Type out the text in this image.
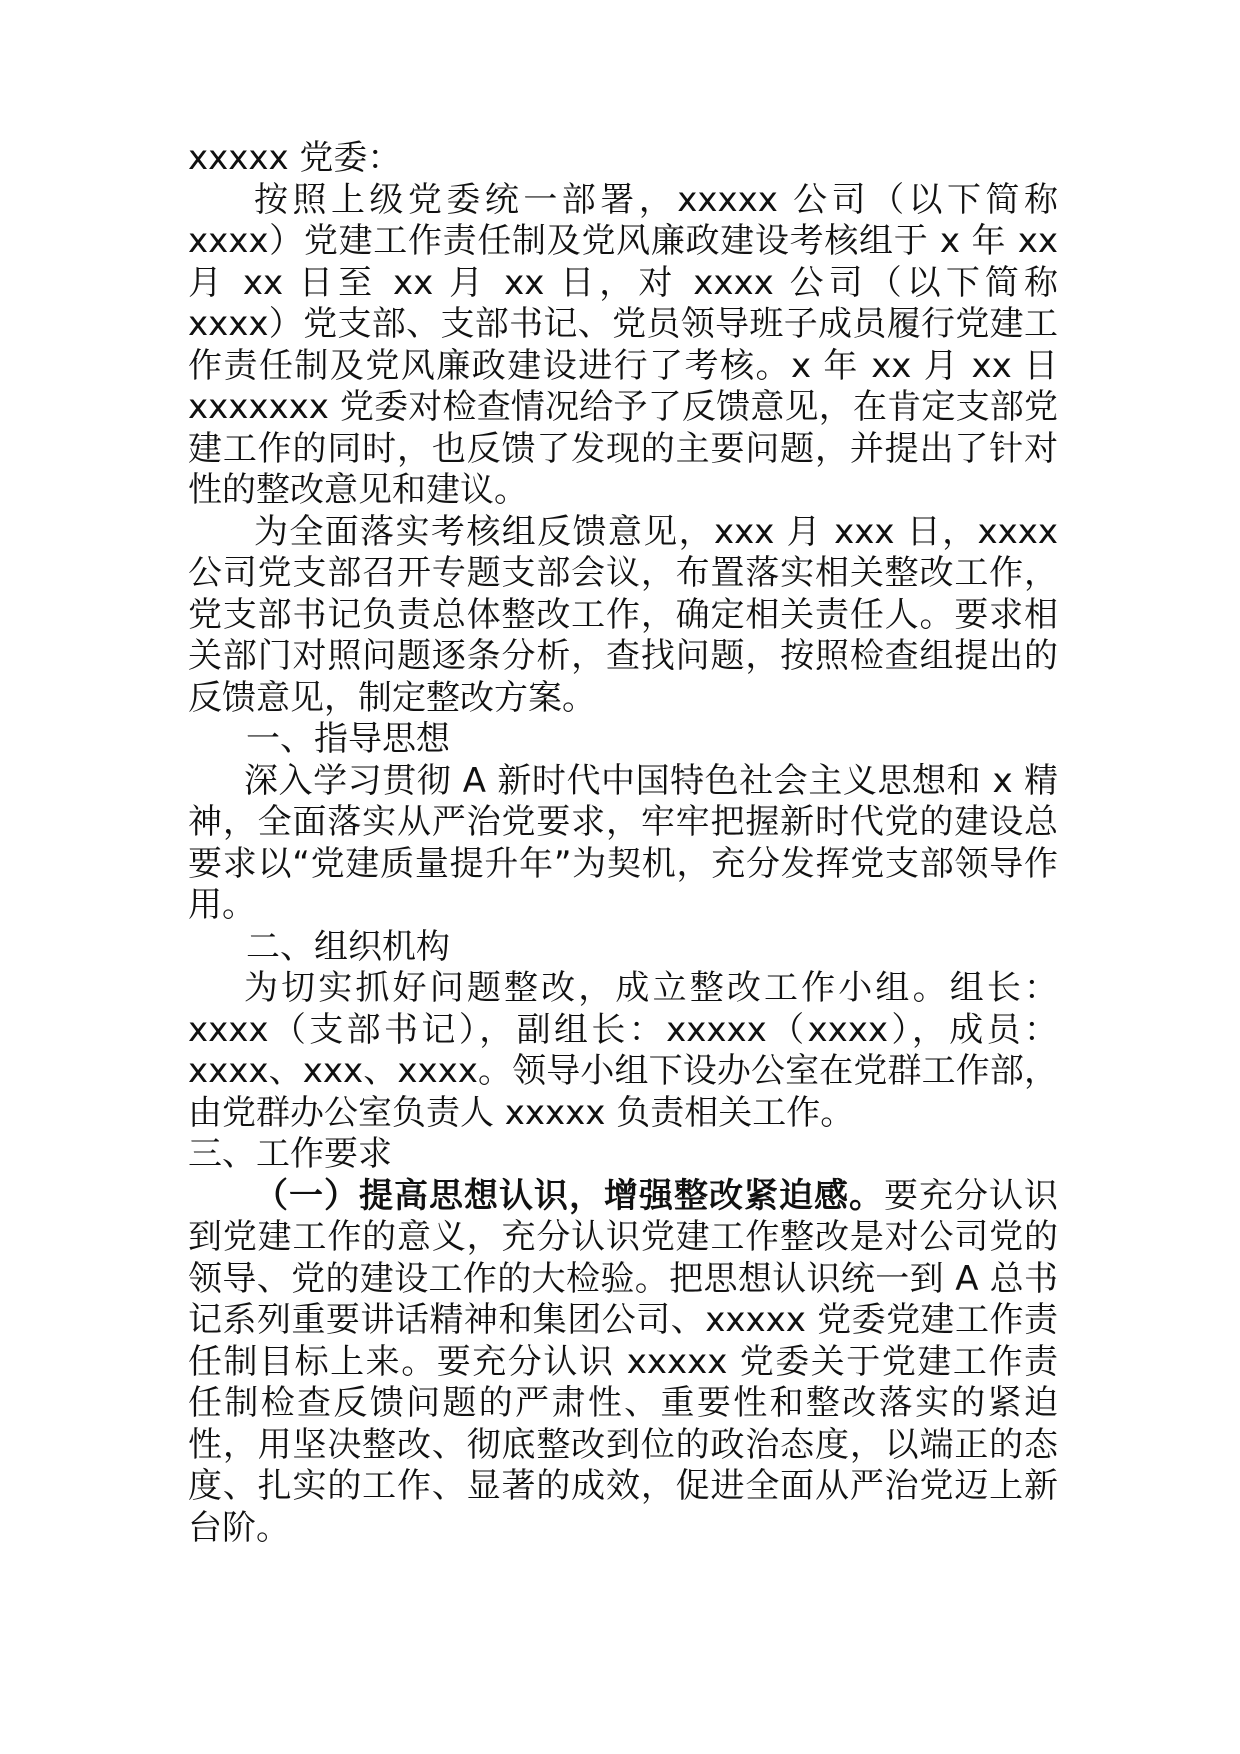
xxxxx 党委：

按照上级党委统一部署，xxxxx 公司（以下简称 xxxx）党建工作责任制及党风廉政建设考核组于 x 年 xx 月 xx 日至 xx 月 xx 日，对 xxxx 公司（以下简称 xxxx）党支部、支部书记、党员领导班子成员履行党建工作责任制及党风廉政建设进行了考核。x 年 xx 月 xx 日 xxxxxxx 党委对检查情况给予了反馈意见，在肯定支部党建工作的同时，也反馈了发现的主要问题，并提出了针对性的整改意见和建议。

为全面落实考核组反馈意见，xxx 月 xxx 日，xxxx 公司党支部召开专题支部会议，布置落实相关整改工作，党支部书记负责总体整改工作，确定相关责任人。要求相关部门对照问题逐条分析，查找问题，按照检查组提出的反馈意见，制定整改方案。

一、指导思想

深入学习贯彻 A 新时代中国特色社会主义思想和 x 精神，全面落实从严治党要求，牢牢把握新时代党的建设总要求以“党建质量提升年”为契机，充分发挥党支部领导作用。

二、组织机构

为切实抓好问题整改，成立整改工作小组。组长：xxxx（支部书记），副组长：xxxxx（xxxx），成员：xxxx、xxx、xxxx。领导小组下设办公室在党群工作部，由党群办公室负责人 xxxxx 负责相关工作。

三、工作要求

（一）提高思想认识，增强整改紧迫感。要充分认识到党建工作的意义，充分认识党建工作整改是对公司党的领导、党的建设工作的大检验。把思想认识统一到 A 总书记系列重要讲话精神和集团公司、xxxxx 党委党建工作责任制目标上来。要充分认识 xxxxx 党委关于党建工作责任制检查反馈问题的严肃性、重要性和整改落实的紧迫性，用坚决整改、彻底整改到位的政治态度，以端正的态度、扎实的工作、显著的成效，促进全面从严治党迈上新台阶。
